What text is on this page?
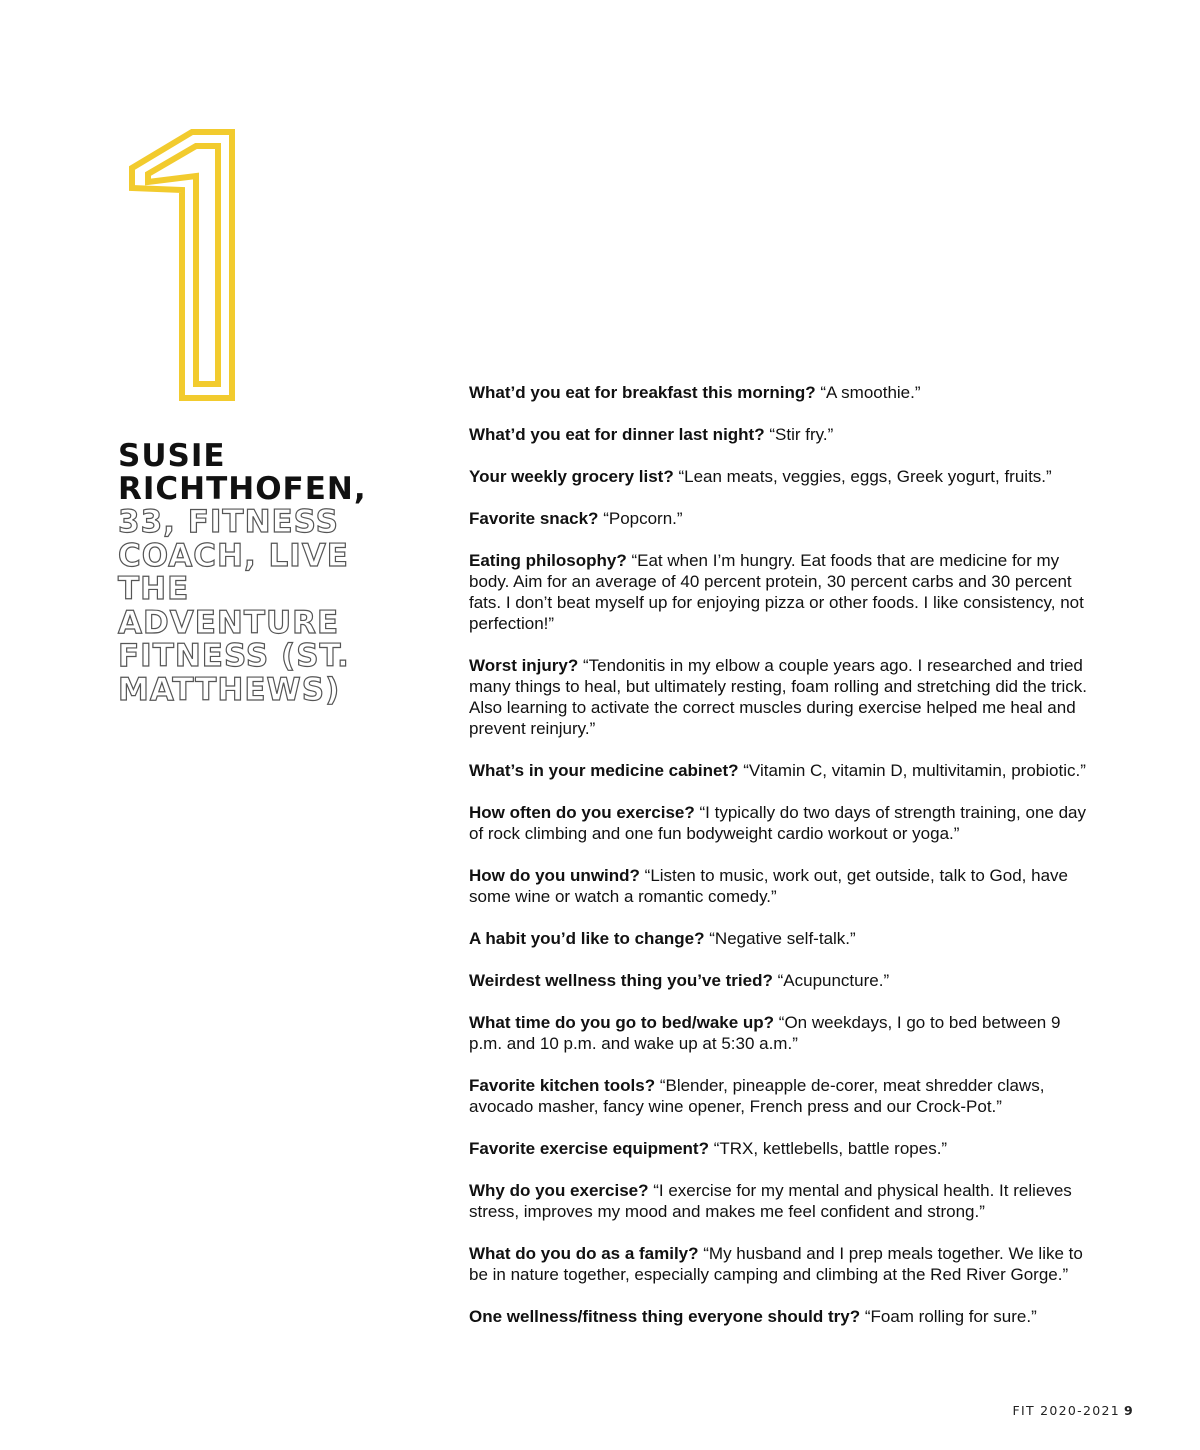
1

SUSIE

RICHTHOFEN,

33, FITNESS

COACH, LIVE

THE ADVENTURE

FITNESS (ST.

MATTHEWS)

What’d you eat for breakfast this morning? “A smoothie.”

What’d you eat for dinner last night? “Stir fry.”

Your weekly grocery list? “Lean meats, veggies, eggs, Greek yogurt, fruits.”

Favorite snack? “Popcorn.”

Eating philosophy? “Eat when I’m hungry. Eat foods that are medicine for my body. Aim for an average of 40 percent protein, 30 percent carbs and 30 percent fats. I don’t beat myself up for enjoying pizza or other foods. I like consistency, not perfection!”

Worst injury? “Tendonitis in my elbow a couple years ago. I researched and tried many things to heal, but ultimately resting, foam rolling and stretching did the trick. Also learning to activate the correct muscles during exercise helped me heal and prevent reinjury.”

What’s in your medicine cabinet? “Vitamin C, vitamin D, multivitamin, probiotic.”

How often do you exercise? “I typically do two days of strength training, one day of rock climbing and one fun bodyweight cardio workout or yoga.”

How do you unwind? “Listen to music, work out, get outside, talk to God, have some wine or watch a romantic comedy.”

A habit you’d like to change? “Negative self-talk.”

Weirdest wellness thing you’ve tried? “Acupuncture.”

What time do you go to bed/wake up? “On weekdays, I go to bed between 9 p.m. and 10 p.m. and wake up at 5:30 a.m.”

Favorite kitchen tools? “Blender, pineapple de-corer, meat shredder claws, avocado masher, fancy wine opener, French press and our Crock-Pot.”

Favorite exercise equipment? “TRX, kettlebells, battle ropes.”

Why do you exercise? “I exercise for my mental and physical health. It relieves stress, improves my mood and makes me feel confident and strong.”

What do you do as a family? “My husband and I prep meals together. We like to be in nature together, especially camping and climbing at the Red River Gorge.”

One wellness/fitness thing everyone should try? “Foam rolling for sure.”

FIT 2020-2021 9
